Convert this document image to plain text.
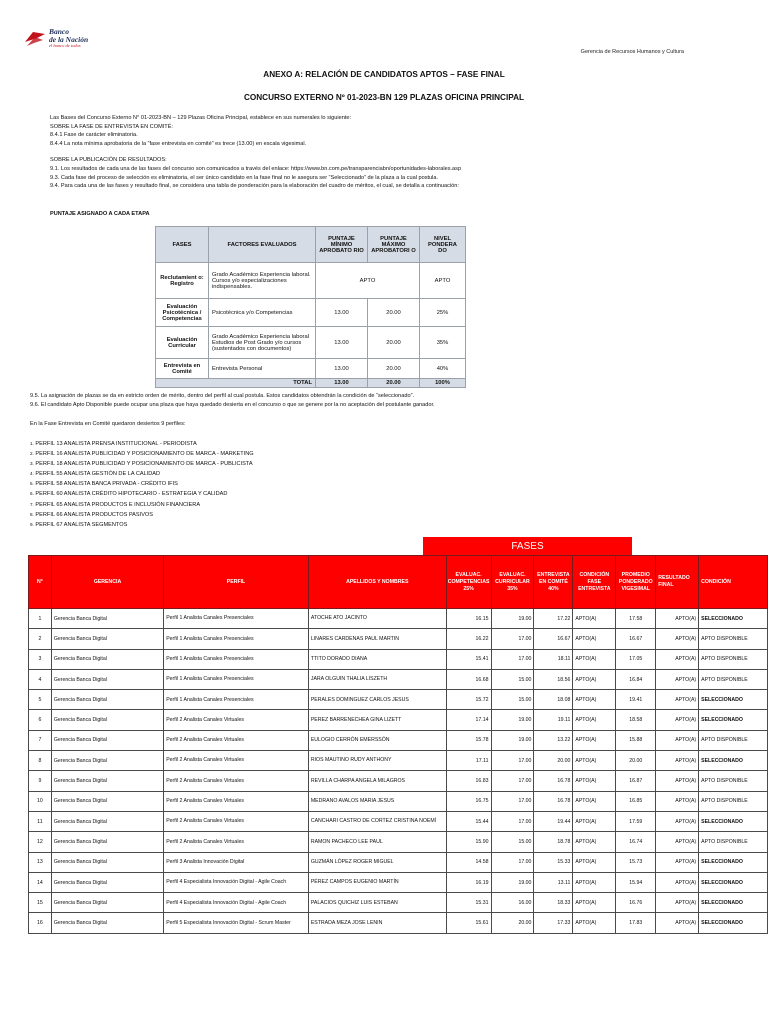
Banco
de la Nación
el banco de todos
Gerencia de Recursos Humanos y Cultura
ANEXO A: RELACIÓN DE CANDIDATOS APTOS – FASE FINAL
CONCURSO EXTERNO Nº 01-2023-BN 129 PLAZAS OFICINA PRINCIPAL
Las Bases del Concurso Externo N° 01-2023-BN – 129 Plazas Oficina Principal, establece en sus numerales lo siguiente:
SOBRE LA FASE DE ENTREVISTA EN COMITÉ:
8.4.1 Fase de carácter eliminatoria.
8.4.4 La nota mínima aprobatoria de la “fase entrevista en comité” es trece (13.00) en escala vigesimal.
SOBRE LA PUBLICACIÓN DE RESULTADOS:
9.1. Los resultados de cada una de las fases del concurso son comunicados a través del enlace: https://www.bn.com.pe/transparenciabn/oportunidades-laborales.asp
9.3. Cada fase del proceso de selección es eliminatoria, el ser único candidato en la fase final no le asegura ser “Seleccionado” de la plaza a la cual postula.
9.4. Para cada una de las fases y resultado final, se considera una tabla de ponderación para la elaboración del cuadro de méritos, el cual, se detalla a continuación:
PUNTAJE ASIGNADO A CADA ETAPA
FASES	FACTORES EVALUADOS	PUNTAJE MÍNIMO APROBATO RIO	PUNTAJE MÁXIMO APROBATORI O	NIVEL PONDERA DO
Reclutamient o: Registro	Grado Académico Experiencia laboral. Cursos y/o especializaciones indispensables.	APTO		APTO
Evaluación Psicotécnica / Competencias	Psicotécnica y/o Competencias	13.00	20.00	25%
Evaluación Curricular	Grado Académico Experiencia laboral Estudios de Post Grado y/o cursos (sustentados con documentos)	13.00	20.00	35%
Entrevista en Comité	Entrevista Personal	13.00	20.00	40%
TOTAL		13.00	20.00	100%
9.5. La asignación de plazas se da en estricto orden de mérito, dentro del perfil al cual postula. Estos candidatos obtendrán la condición de “seleccionado”.
9.6. El candidato Apto Disponible puede ocupar una plaza que haya quedado desierta en el concurso o que se genere por la no aceptación del postulante ganador.
En la Fase Entrevista en Comité quedaron desiertos 9 perfiles:
1. PERFIL 13 ANALISTA PRENSA INSTITUCIONAL - PERIODISTA
2. PERFIL 16 ANALISTA PUBLICIDAD Y POSICIONAMIENTO DE MARCA - MARKETING
3. PERFIL 18 ANALISTA PUBLICIDAD Y POSICIONAMIENTO DE MARCA - PUBLICISTA
4. PERFIL 55 ANALISTA GESTIÓN DE LA CALIDAD
5. PERFIL 58 ANALISTA BANCA PRIVADA - CRÉDITO IFIS
6. PERFIL 60 ANALISTA CRÉDITO HIPOTECARIO - ESTRATEGIA Y CALIDAD
7. PERFIL 65 ANALISTA PRODUCTOS E INCLUSIÓN FINANCIERA
8. PERFIL 66 ANALISTA PRODUCTOS PASIVOS
9. PERFIL 67 ANALISTA SEGMENTOS
FASES
N°	GERENCIA	PERFIL	APELLIDOS Y NOMBRES	EVALUAC. COMPETENCIAS 25%	EVALUAC. CURRICULAR 35%	ENTREVISTA EN COMITÉ 40%	CONDICIÓN FASE ENTREVISTA	PROMEDIO PONDERADO VIGESIMAL	RESULTADO FINAL	CONDICIÓN
1	Gerencia Banca Digital	Perfil 1 Analista Canales Presenciales	ATOCHE ATO JACINTO	16.15	19.00	17.22	APTO(A)	17.58	APTO(A)	SELECCIONADO
2	Gerencia Banca Digital	Perfil 1 Analista Canales Presenciales	LINARES CARDENAS PAUL MARTIN	16.22	17.00	16.67	APTO(A)	16.67	APTO(A)	APTO DISPONIBLE
3	Gerencia Banca Digital	Perfil 1 Analista Canales Presenciales	TTITO DORADO DIANA	15.41	17.00	18.11	APTO(A)	17.05	APTO(A)	APTO DISPONIBLE
4	Gerencia Banca Digital	Perfil 1 Analista Canales Presenciales	JARA OLGUIN THALIA LISZETH	16.68	15.00	18.56	APTO(A)	16.84	APTO(A)	APTO DISPONIBLE
5	Gerencia Banca Digital	Perfil 1 Analista Canales Presenciales	PERALES DOMINGUEZ CARLOS JESUS	15.72	15.00	18.08	APTO(A)	19.41	APTO(A)	SELECCIONADO
6	Gerencia Banca Digital	Perfil 2 Analista Canales Virtuales	PEREZ BARRENECHEA GINA LIZETT	17.14	19.00	19.11	APTO(A)	18.58	APTO(A)	SELECCIONADO
7	Gerencia Banca Digital	Perfil 2 Analista Canales Virtuales	EULOGIO CERRÓN EMERSSÓN	15.78	19.00	13.22	APTO(A)	15.88	APTO(A)	APTO DISPONIBLE
8	Gerencia Banca Digital	Perfil 2 Analista Canales Virtuales	RIOS MAUTINO RUDY ANTHONY	17.11	17.00	20.00	APTO(A)	20.00	APTO(A)	SELECCIONADO
9	Gerencia Banca Digital	Perfil 2 Analista Canales Virtuales	REVILLA CHARPA ANGELA MILAGROS	16.83	17.00	16.78	APTO(A)	16.87	APTO(A)	APTO DISPONIBLE
10	Gerencia Banca Digital	Perfil 2 Analista Canales Virtuales	MEDRANO AVALOS MARIA JESUS	16.75	17.00	16.78	APTO(A)	16.85	APTO(A)	APTO DISPONIBLE
11	Gerencia Banca Digital	Perfil 2 Analista Canales Virtuales	CANCHARI CASTRO DE CORTEZ CRISTINA NOEMÍ	15.44	17.00	19.44	APTO(A)	17.59	APTO(A)	SELECCIONADO
12	Gerencia Banca Digital	Perfil 2 Analista Canales Virtuales	RAMON PACHECO LEE PAUL	15.90	15.00	18.78	APTO(A)	16.74	APTO(A)	APTO DISPONIBLE
13	Gerencia Banca Digital	Perfil 3 Analista Innovación Digital	GUZMÁN LÓPEZ ROGER MIGUEL	14.58	17.00	15.33	APTO(A)	15.73	APTO(A)	SELECCIONADO
14	Gerencia Banca Digital	Perfil 4 Especialista Innovación Digital - Agile Coach	PÉREZ CAMPOS EUGENIO MARTÍN	16.19	19.00	13.11	APTO(A)	15.94	APTO(A)	SELECCIONADO
15	Gerencia Banca Digital	Perfil 4 Especialista Innovación Digital - Agile Coach	PALACIOS QUICHIZ LUIS ESTEBAN	15.31	16.00	18.33	APTO(A)	16.76	APTO(A)	SELECCIONADO
16	Gerencia Banca Digital	Perfil 5 Especialista Innovación Digital - Scrum Master	ESTRADA MEZA JOSE LENIN	15.61	20.00	17.33	APTO(A)	17.83	APTO(A)	SELECCIONADO
